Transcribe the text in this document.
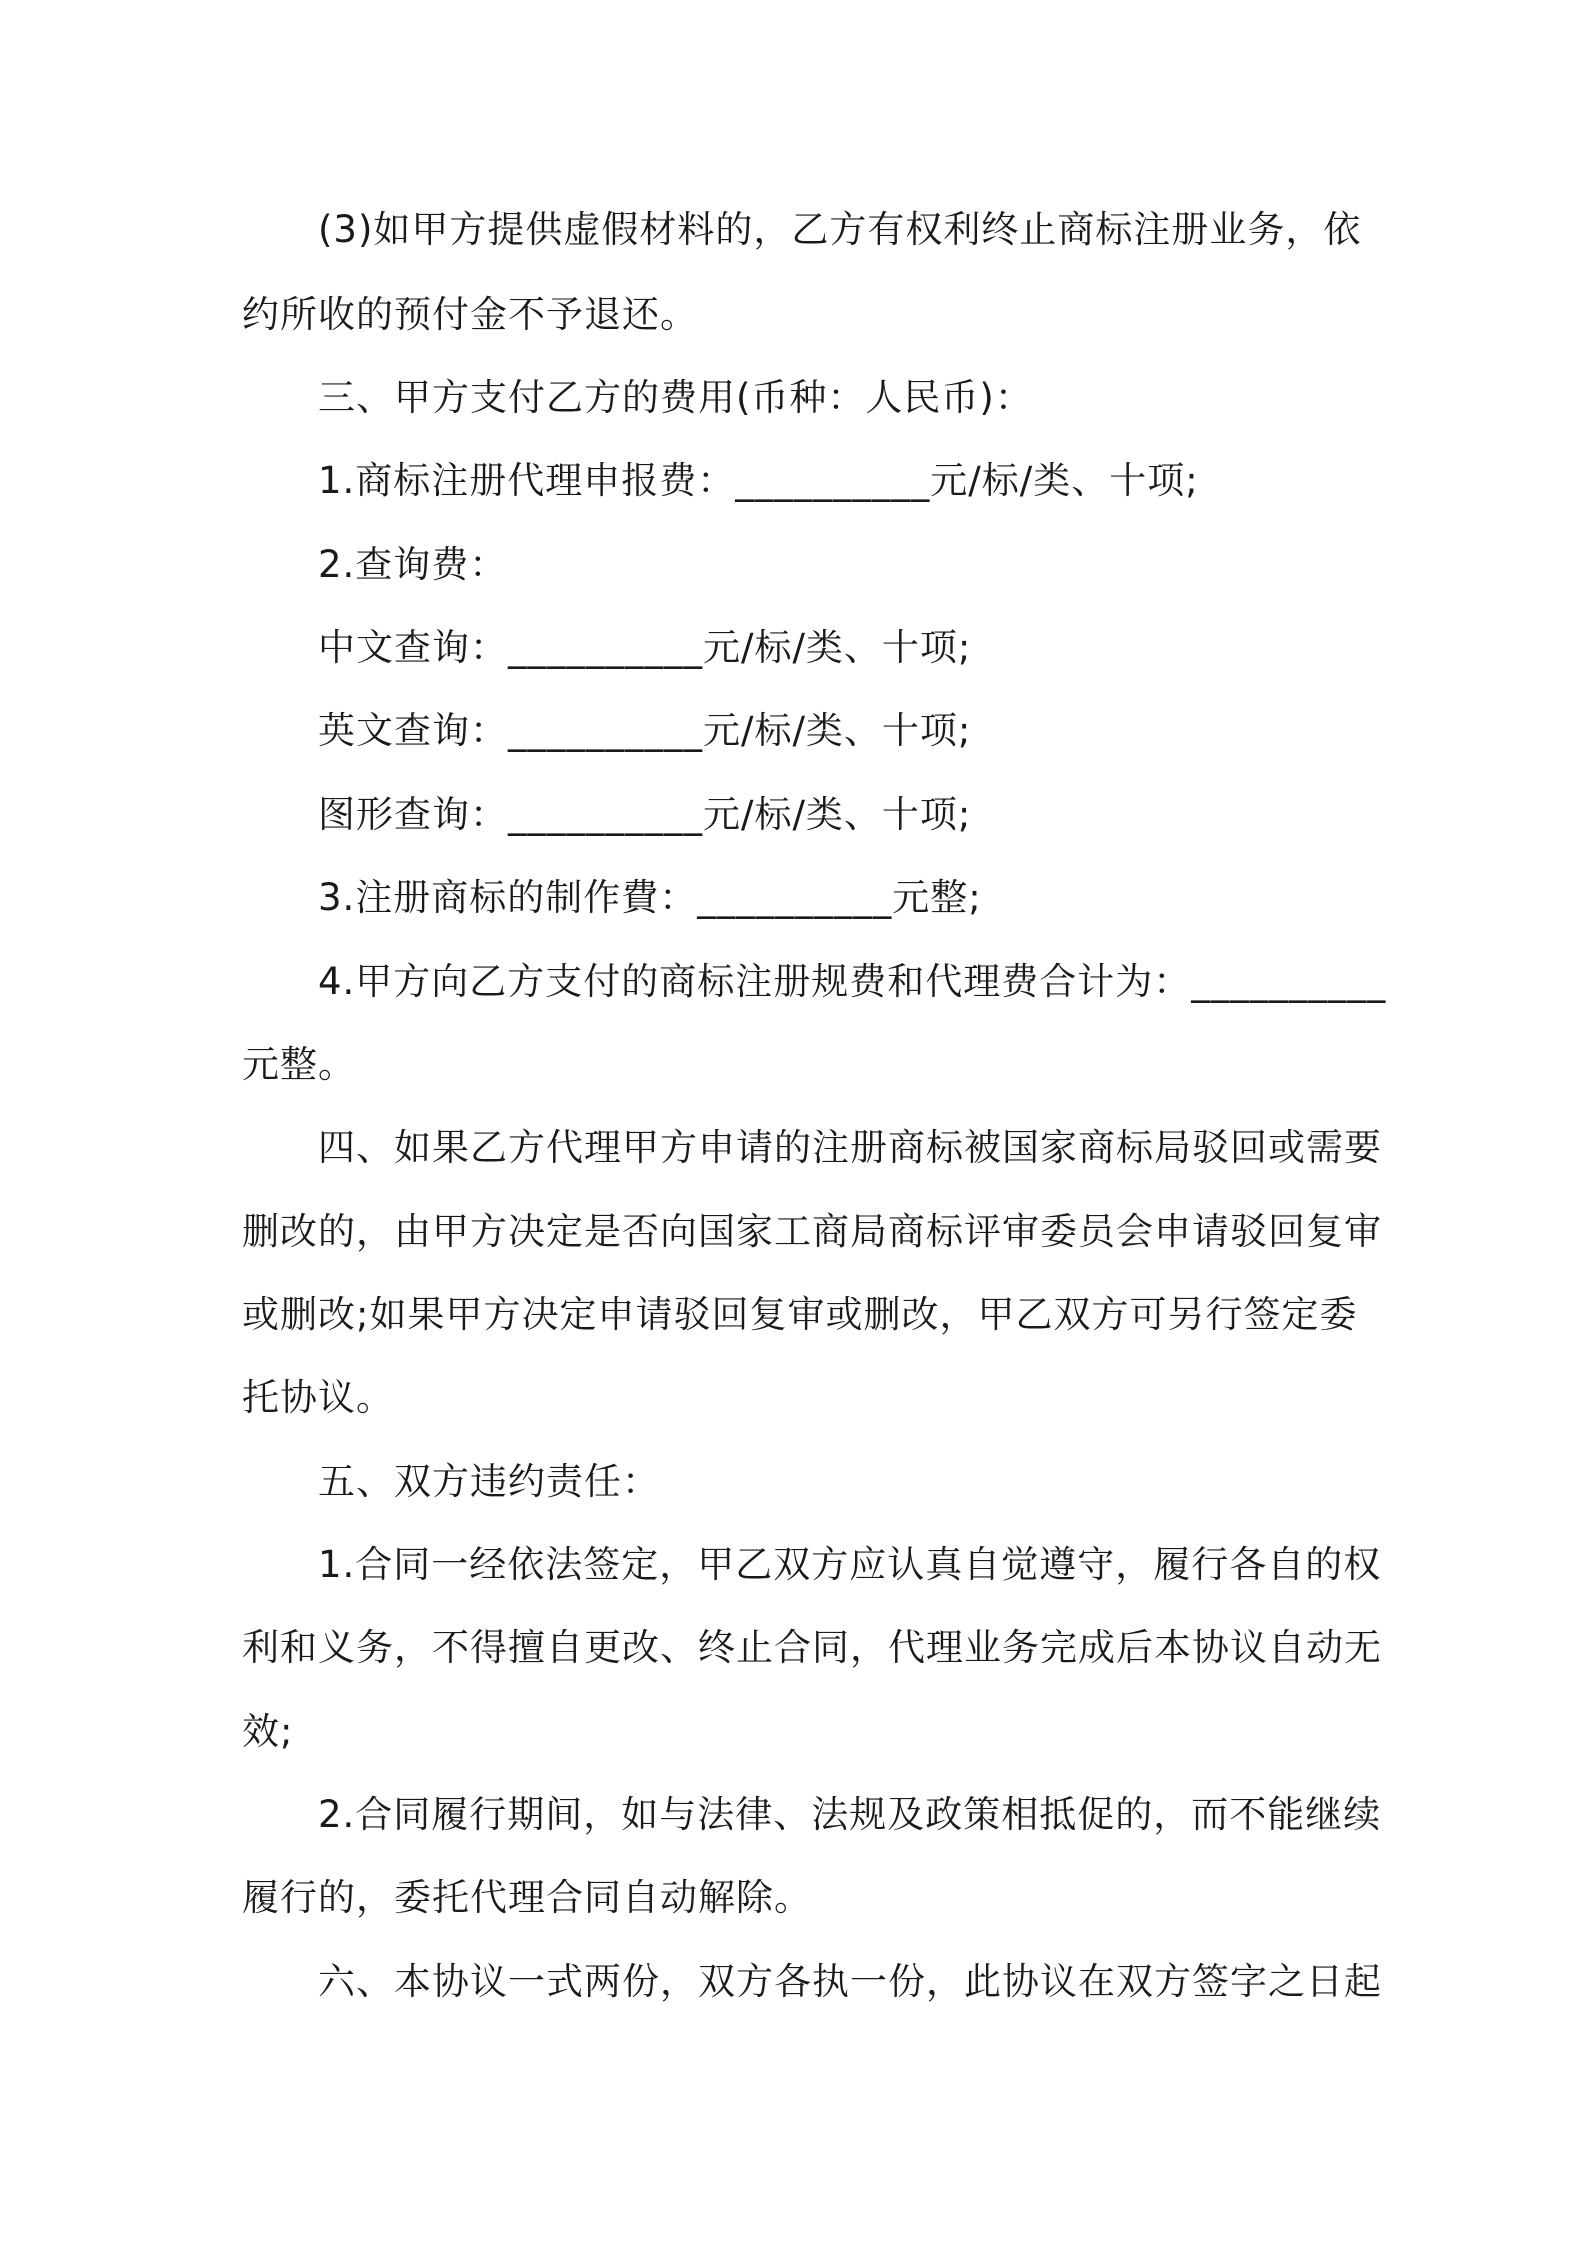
(3)如甲方提供虚假材料的，乙方有权利终止商标注册业务，依
约所收的预付金不予退还。
三、甲方支付乙方的费用(币种：人民币)：
1.商标注册代理申报费：__________元/标/类、十项;
2.查询费：
中文查询：__________元/标/类、十项;
英文查询：__________元/标/类、十项;
图形查询：__________元/标/类、十项;
3.注册商标的制作費：__________元整;
4.甲方向乙方支付的商标注册规费和代理费合计为：__________
元整。
四、如果乙方代理甲方申请的注册商标被国家商标局驳回或需要
删改的，由甲方决定是否向国家工商局商标评审委员会申请驳回复审
或删改;如果甲方决定申请驳回复审或删改，甲乙双方可另行签定委
托协议。
五、双方违约责任：
1.合同一经依法签定，甲乙双方应认真自觉遵守，履行各自的权
利和义务，不得擅自更改、终止合同，代理业务完成后本协议自动无
效;
2.合同履行期间，如与法律、法规及政策相抵促的，而不能继续
履行的，委托代理合同自动解除。
六、本协议一式两份，双方各执一份，此协议在双方签字之日起
